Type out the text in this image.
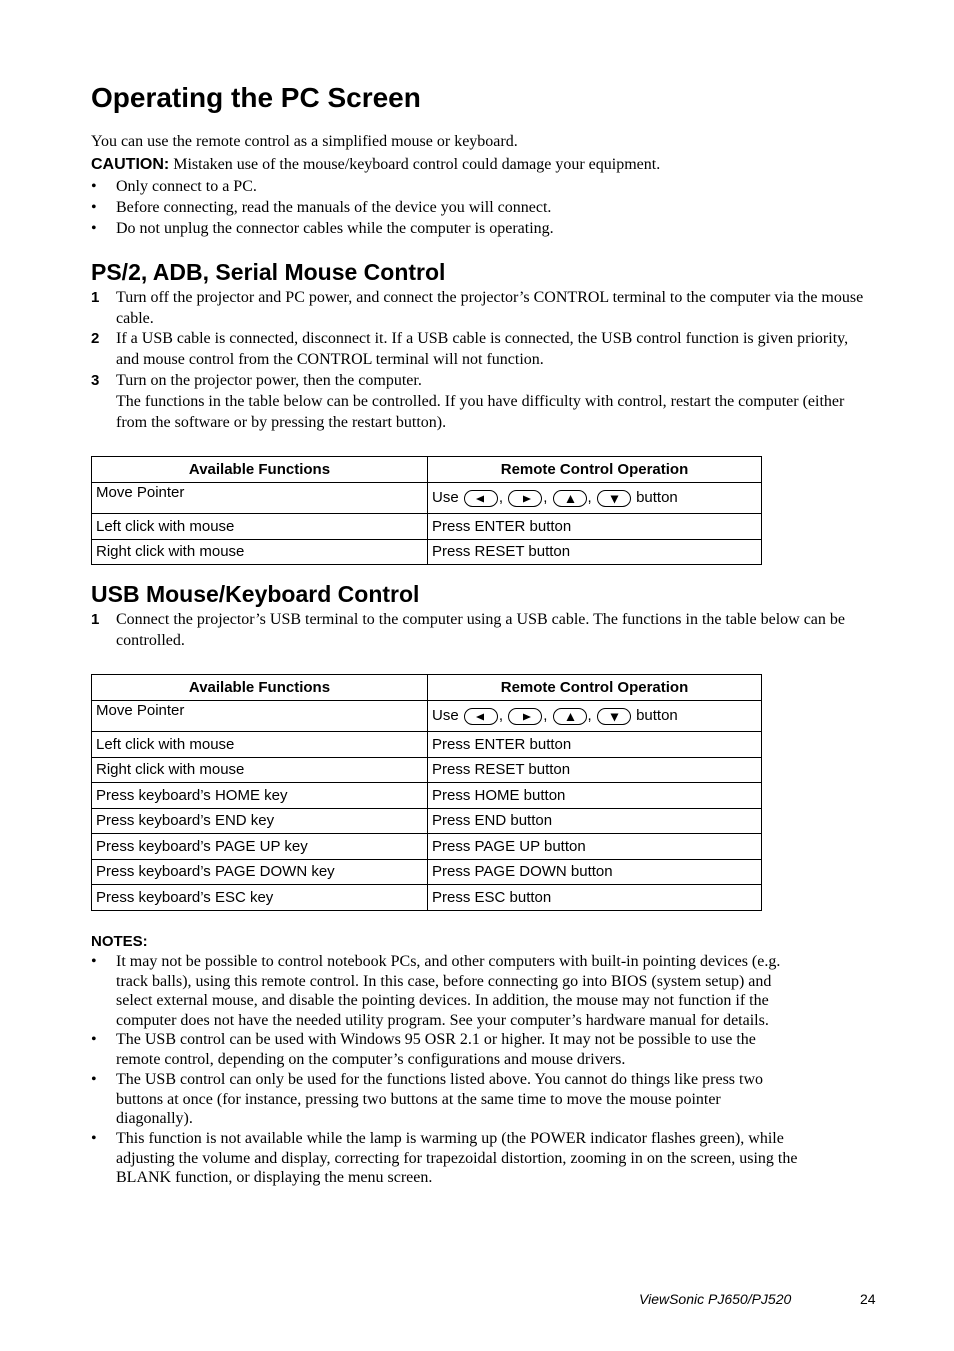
Operating the PC Screen
You can use the remote control as a simplified mouse or keyboard.
CAUTION: Mistaken use of the mouse/keyboard control could damage your equipment.
•	Only connect to a PC.
•	Before connecting, read the manuals of the device you will connect.
•	Do not unplug the connector cables while the computer is operating.
PS/2, ADB, Serial Mouse Control
1 Turn off the projector and PC power, and connect the projector’s CONTROL terminal to the computer via the mouse cable.
2 If a USB cable is connected, disconnect it. If a USB cable is connected, the USB control function is given priority, and mouse control from the CONTROL terminal will not function.
3 Turn on the projector power, then the computer.
The functions in the table below can be controlled. If you have difficulty with control, restart the computer (either from the software or by pressing the restart button).
Available Functions	Remote Control Operation
Move Pointer	Use , , , button
Left click with mouse	Press ENTER button
Right click with mouse	Press RESET button
USB Mouse/Keyboard Control
1 Connect the projector’s USB terminal to the computer using a USB cable. The functions in the table below can be controlled.
Available Functions	Remote Control Operation
Move Pointer	Use , , , button
Left click with mouse	Press ENTER button
Right click with mouse	Press RESET button
Press keyboard’s HOME key	Press HOME button
Press keyboard’s END key	Press END button
Press keyboard’s PAGE UP key	Press PAGE UP button
Press keyboard’s PAGE DOWN key	Press PAGE DOWN button
Press keyboard’s ESC key	Press ESC button
NOTES:
• It may not be possible to control notebook PCs, and other computers with built-in pointing devices (e.g.
track balls), using this remote control. In this case, before connecting go into BIOS (system setup) and
select external mouse, and disable the pointing devices. In addition, the mouse may not function if the
computer does not have the needed utility program. See your computer’s hardware manual for details.
• The USB control can be used with Windows 95 OSR 2.1 or higher. It may not be possible to use the
remote control, depending on the computer’s configurations and mouse drivers.
• The USB control can only be used for the functions listed above. You cannot do things like press two
buttons at once (for instance, pressing two buttons at the same time to move the mouse pointer
diagonally).
• This function is not available while the lamp is warming up (the POWER indicator flashes green), while
adjusting the volume and display, correcting for trapezoidal distortion, zooming in on the screen, using the
BLANK function, or displaying the menu screen.
ViewSonic PJ650/PJ520	24
